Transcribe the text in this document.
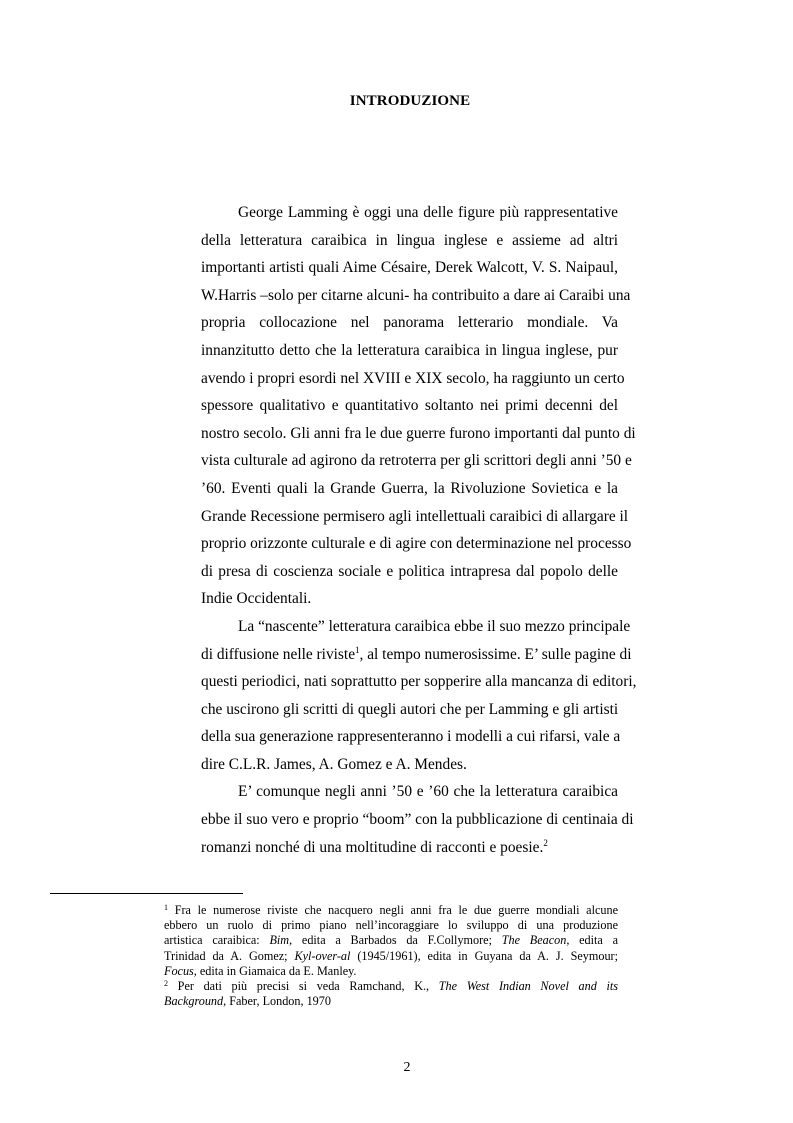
INTRODUZIONE
George Lamming è oggi una delle figure più rappresentative
della letteratura caraibica in lingua inglese e assieme ad altri
importanti artisti quali Aime Césaire, Derek Walcott, V. S. Naipaul,
W.Harris –solo per citarne alcuni- ha contribuito a dare ai Caraibi una
propria collocazione nel panorama letterario mondiale. Va
innanzitutto detto che la letteratura caraibica in lingua inglese, pur
avendo i propri esordi nel XVIII e XIX secolo, ha raggiunto un certo
spessore qualitativo e quantitativo soltanto nei primi decenni del
nostro secolo. Gli anni fra le due guerre furono importanti dal punto di
vista culturale ad agirono da retroterra per gli scrittori degli anni ’50 e
’60. Eventi quali la Grande Guerra, la Rivoluzione Sovietica e la
Grande Recessione permisero agli intellettuali caraibici di allargare il
proprio orizzonte culturale e di agire con determinazione nel processo
di presa di coscienza sociale e politica intrapresa dal popolo delle
Indie Occidentali.
La “nascente” letteratura caraibica ebbe il suo mezzo principale
di diffusione nelle riviste$^1$, al tempo numerosissime. E’ sulle pagine di
questi periodici, nati soprattutto per sopperire alla mancanza di editori,
che uscirono gli scritti di quegli autori che per Lamming e gli artisti
della sua generazione rappresenteranno i modelli a cui rifarsi, vale a
dire C.L.R. James, A. Gomez e A. Mendes.
E’ comunque negli anni ’50 e ’60 che la letteratura caraibica
ebbe il suo vero e proprio “boom” con la pubblicazione di centinaia di
romanzi nonché di una moltitudine di racconti e poesie.$^2$
$^1$ Fra le numerose riviste che nacquero negli anni fra le due guerre mondiali alcune
ebbero un ruolo di primo piano nell’incoraggiare lo sviluppo di una produzione
artistica caraibica: Bim, edita a Barbados da F.Collymore; The Beacon, edita a
Trinidad da A. Gomez; Kyl-over-al (1945/1961), edita in Guyana da A. J. Seymour;
Focus, edita in Giamaica da E. Manley.
$^2$ Per dati più precisi si veda Ramchand, K., The West Indian Novel and its
Background, Faber, London, 1970
2
